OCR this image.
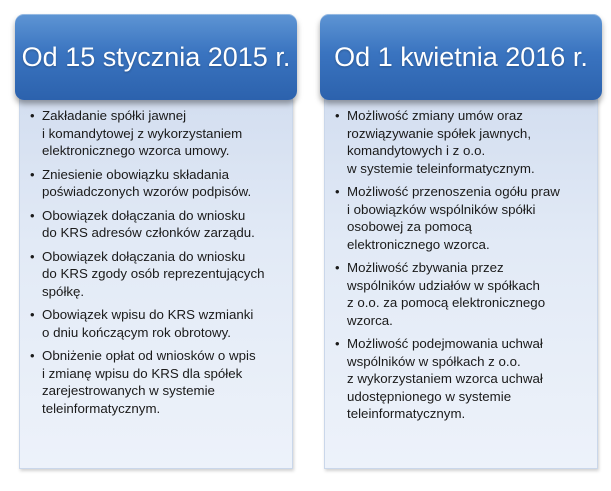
Od 15 stycznia 2015 r.
• Zakładanie spółki jawnej
i komandytowej z wykorzystaniem
elektronicznego wzorca umowy.
• Zniesienie obowiązku składania
poświadczonych wzorów podpisów.
• Obowiązek dołączania do wniosku
do KRS adresów członków zarządu.
• Obowiązek dołączania do wniosku
do KRS zgody osób reprezentujących
spółkę.
• Obowiązek wpisu do KRS wzmianki
o dniu kończącym rok obrotowy.
• Obniżenie opłat od wniosków o wpis
i zmianę wpisu do KRS dla spółek
zarejestrowanych w systemie
teleinformatycznym.
Od 1 kwietnia 2016 r.
• Możliwość zmiany umów oraz
rozwiązywanie spółek jawnych,
komandytowych i z o.o.
w systemie teleinformatycznym.
• Możliwość przenoszenia ogółu praw
i obowiązków wspólników spółki
osobowej za pomocą
elektronicznego wzorca.
• Możliwość zbywania przez
wspólników udziałów w spółkach
z o.o. za pomocą elektronicznego
wzorca.
• Możliwość podejmowania uchwał
wspólników w spółkach z o.o.
z wykorzystaniem wzorca uchwał
udostępnionego w systemie
teleinformatycznym.
